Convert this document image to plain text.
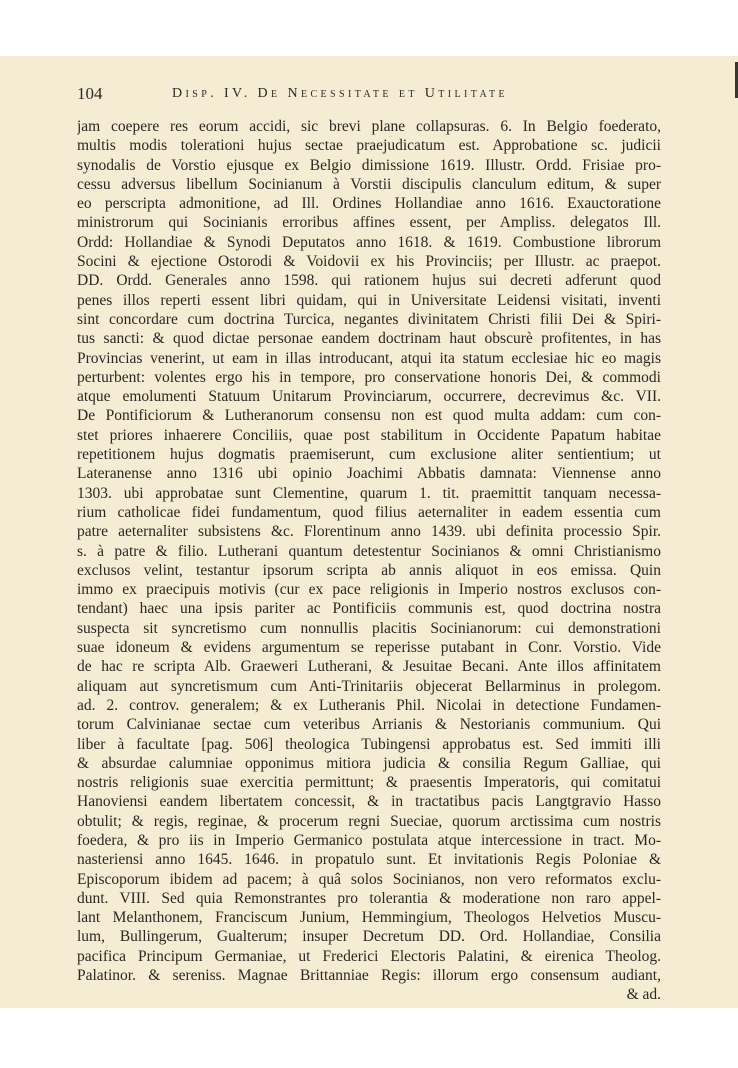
104	Disp. IV. De Necessitate et Utilitate
jam coepere res eorum accidi, sic brevi plane collapsuras. 6. In Belgio foederato,
multis modis tolerationi hujus sectae praejudicatum est. Approbatione sc. judicii
synodalis de Vorstio ejusque ex Belgio dimissione 1619. Illustr. Ordd. Frisiae pro-
cessu adversus libellum Socinianum à Vorstii discipulis clanculum editum, & super
eo perscripta admonitione, ad Ill. Ordines Hollandiae anno 1616. Exauctoratione
ministrorum qui Socinianis erroribus affines essent, per Ampliss. delegatos Ill.
Ordd: Hollandiae & Synodi Deputatos anno 1618. & 1619. Combustione librorum
Socini & ejectione Ostorodi & Voidovii ex his Provinciis; per Illustr. ac praepot.
DD. Ordd. Generales anno 1598. qui rationem hujus sui decreti adferunt quod
penes illos reperti essent libri quidam, qui in Universitate Leidensi visitati, inventi
sint concordare cum doctrina Turcica, negantes divinitatem Christi filii Dei & Spiri-
tus sancti: & quod dictae personae eandem doctrinam haut obscurè profitentes, in has
Provincias venerint, ut eam in illas introducant, atqui ita statum ecclesiae hic eo magis
perturbent: volentes ergo his in tempore, pro conservatione honoris Dei, & commodi
atque emolumenti Statuum Unitarum Provinciarum, occurrere, decrevimus &c. VII.
De Pontificiorum & Lutheranorum consensu non est quod multa addam: cum con-
stet priores inhaerere Conciliis, quae post stabilitum in Occidente Papatum habitae
repetitionem hujus dogmatis praemiserunt, cum exclusione aliter sentientium; ut
Lateranense anno 1316 ubi opinio Joachimi Abbatis damnata: Viennense anno
1303. ubi approbatae sunt Clementine, quarum 1. tit. praemittit tanquam necessa-
rium catholicae fidei fundamentum, quod filius aeternaliter in eadem essentia cum
patre aeternaliter subsistens &c. Florentinum anno 1439. ubi definita processio Spir.
s. à patre & filio. Lutherani quantum detestentur Socinianos & omni Christianismo
exclusos velint, testantur ipsorum scripta ab annis aliquot in eos emissa. Quin
immo ex praecipuis motivis (cur ex pace religionis in Imperio nostros exclusos con-
tendant) haec una ipsis pariter ac Pontificiis communis est, quod doctrina nostra
suspecta sit syncretismo cum nonnullis placitis Socinianorum: cui demonstrationi
suae idoneum & evidens argumentum se reperisse putabant in Conr. Vorstio. Vide
de hac re scripta Alb. Graeweri Lutherani, & Jesuitae Becani. Ante illos affinitatem
aliquam aut syncretismum cum Anti-Trinitariis objecerat Bellarminus in prolegom.
ad. 2. controv. generalem; & ex Lutheranis Phil. Nicolai in detectione Fundamen-
torum Calvinianae sectae cum veteribus Arrianis & Nestorianis communium. Qui
liber à facultate [pag. 506] theologica Tubingensi approbatus est. Sed immiti illi
& absurdae calumniae opponimus mitiora judicia & consilia Regum Galliae, qui
nostris religionis suae exercitia permittunt; & praesentis Imperatoris, qui comitatui
Hanoviensi eandem libertatem concessit, & in tractatibus pacis Langtgravio Hasso
obtulit; & regis, reginae, & procerum regni Sueciae, quorum arctissima cum nostris
foedera, & pro iis in Imperio Germanico postulata atque intercessione in tract. Mo-
nasteriensi anno 1645. 1646. in propatulo sunt. Et invitationis Regis Poloniae &
Episcoporum ibidem ad pacem; à quâ solos Socinianos, non vero reformatos exclu-
dunt. VIII. Sed quia Remonstrantes pro tolerantia & moderatione non raro appel-
lant Melanthonem, Franciscum Junium, Hemmingium, Theologos Helvetios Muscu-
lum, Bullingerum, Gualterum; insuper Decretum DD. Ord. Hollandiae, Consilia
pacifica Principum Germaniae, ut Frederici Electoris Palatini, & eirenica Theolog.
Palatinor. & sereniss. Magnae Brittanniae Regis: illorum ergo consensum audiant,
& ad.
